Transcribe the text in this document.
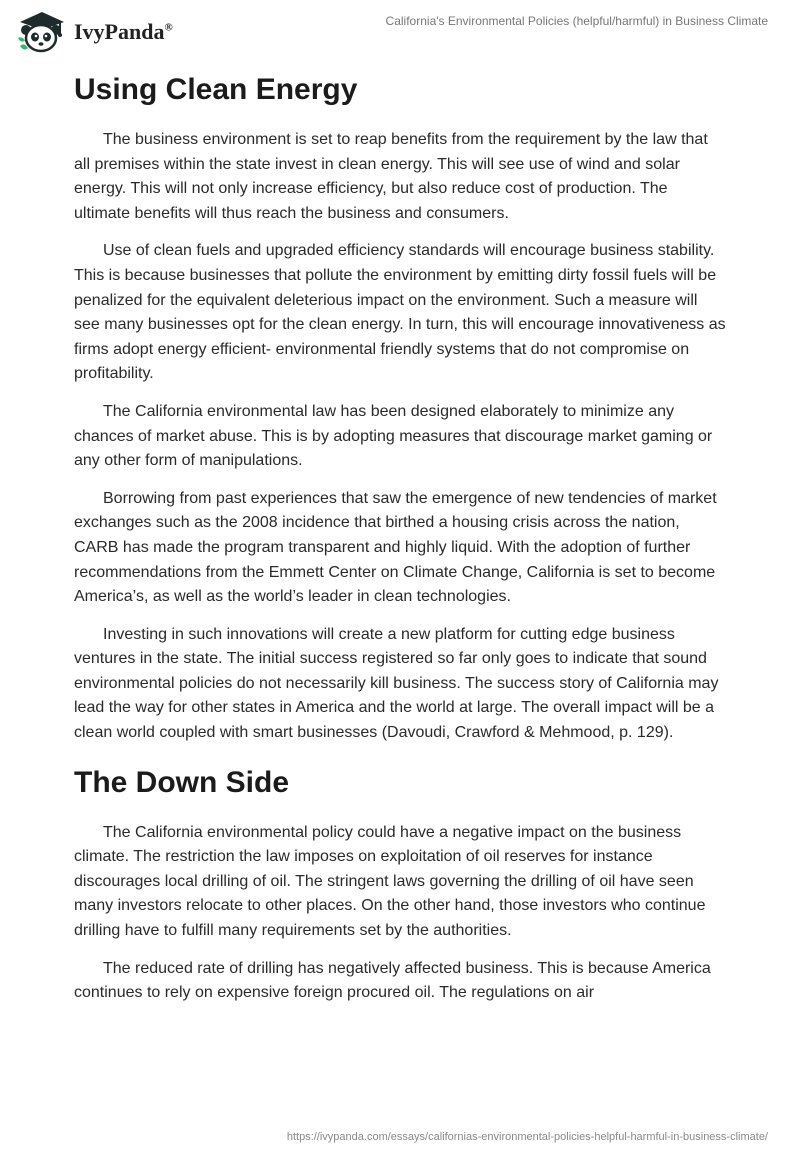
IvyPanda®	California's Environmental Policies (helpful/harmful) in Business Climate
Using Clean Energy

The business environment is set to reap benefits from the requirement by the law that all premises within the state invest in clean energy. This will see use of wind and solar energy. This will not only increase efficiency, but also reduce cost of production. The ultimate benefits will thus reach the business and consumers.

Use of clean fuels and upgraded efficiency standards will encourage business stability. This is because businesses that pollute the environment by emitting dirty fossil fuels will be penalized for the equivalent deleterious impact on the environment. Such a measure will see many businesses opt for the clean energy. In turn, this will encourage innovativeness as firms adopt energy efficient- environmental friendly systems that do not compromise on profitability.

The California environmental law has been designed elaborately to minimize any chances of market abuse. This is by adopting measures that discourage market gaming or any other form of manipulations.

Borrowing from past experiences that saw the emergence of new tendencies of market exchanges such as the 2008 incidence that birthed a housing crisis across the nation, CARB has made the program transparent and highly liquid. With the adoption of further recommendations from the Emmett Center on Climate Change, California is set to become America’s, as well as the world’s leader in clean technologies.

Investing in such innovations will create a new platform for cutting edge business ventures in the state. The initial success registered so far only goes to indicate that sound environmental policies do not necessarily kill business. The success story of California may lead the way for other states in America and the world at large. The overall impact will be a clean world coupled with smart businesses (Davoudi, Crawford & Mehmood, p. 129).

The Down Side

The California environmental policy could have a negative impact on the business climate. The restriction the law imposes on exploitation of oil reserves for instance discourages local drilling of oil. The stringent laws governing the drilling of oil have seen many investors relocate to other places. On the other hand, those investors who continue drilling have to fulfill many requirements set by the authorities.

The reduced rate of drilling has negatively affected business. This is because America continues to rely on expensive foreign procured oil. The regulations on air

https://ivypanda.com/essays/californias-environmental-policies-helpful-harmful-in-business-climate/
